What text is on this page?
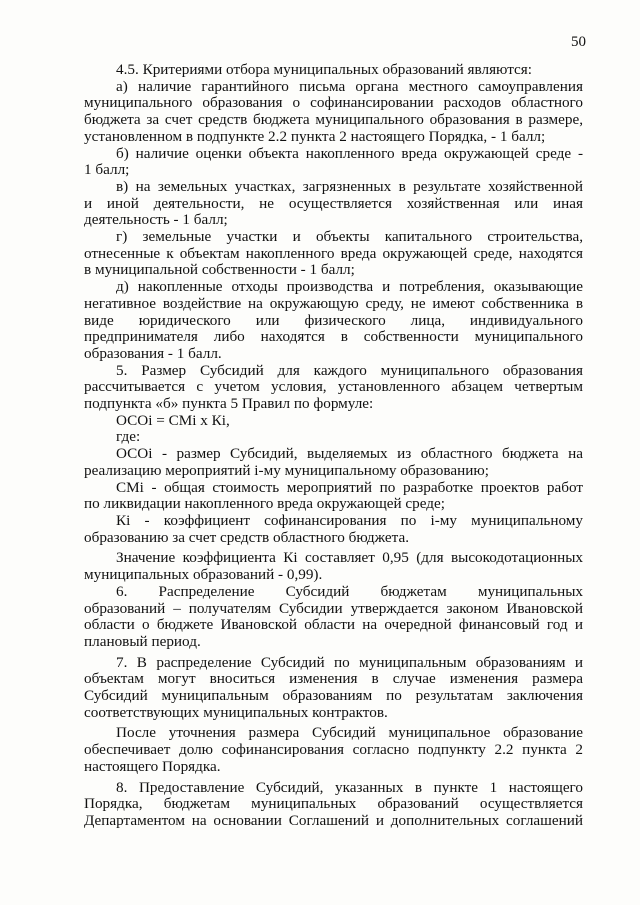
50

4.5. Критериями отбора муниципальных образований являются:

а) наличие гарантийного письма органа местного самоуправления

муниципального образования о софинансировании расходов областного

бюджета за счет средств бюджета муниципального образования в размере,

установленном в подпункте 2.2 пункта 2 настоящего Порядка, - 1 балл;

б) наличие оценки объекта накопленного вреда окружающей среде -

1 балл;

в) на земельных участках, загрязненных в результате хозяйственной

и иной деятельности, не осуществляется хозяйственная или иная

деятельность - 1 балл;

г) земельные участки и объекты капитального строительства,

отнесенные к объектам накопленного вреда окружающей среде, находятся

в муниципальной собственности - 1 балл;

д) накопленные отходы производства и потребления, оказывающие

негативное воздействие на окружающую среду, не имеют собственника в

виде юридического или физического лица, индивидуального

предпринимателя либо находятся в собственности муниципального

образования - 1 балл.

5. Размер Субсидий для каждого муниципального образования

рассчитывается с учетом условия, установленного абзацем четвертым

подпункта «б» пункта 5 Правил по формуле:

ОСОi = СМi х Кi,

где:

ОСОi - размер Субсидий, выделяемых из областного бюджета на

реализацию мероприятий i-му муниципальному образованию;

СМi - общая стоимость мероприятий по разработке проектов работ

по ликвидации накопленного вреда окружающей среде;

Кi - коэффициент софинансирования по i-му муниципальному

образованию за счет средств областного бюджета.

Значение коэффициента Кi составляет 0,95 (для высокодотационных

муниципальных образований - 0,99).

6. Распределение Субсидий бюджетам муниципальных

образований – получателям Субсидии утверждается законом Ивановской

области о бюджете Ивановской области на очередной финансовый год и

плановый период.

7. В распределение Субсидий по муниципальным образованиям и

объектам могут вноситься изменения в случае изменения размера

Субсидий муниципальным образованиям по результатам заключения

соответствующих муниципальных контрактов.

После уточнения размера Субсидий муниципальное образование

обеспечивает долю софинансирования согласно подпункту 2.2 пункта 2

настоящего Порядка.

8. Предоставление Субсидий, указанных в пункте 1 настоящего

Порядка, бюджетам муниципальных образований осуществляется

Департаментом на основании Соглашений и дополнительных соглашений
